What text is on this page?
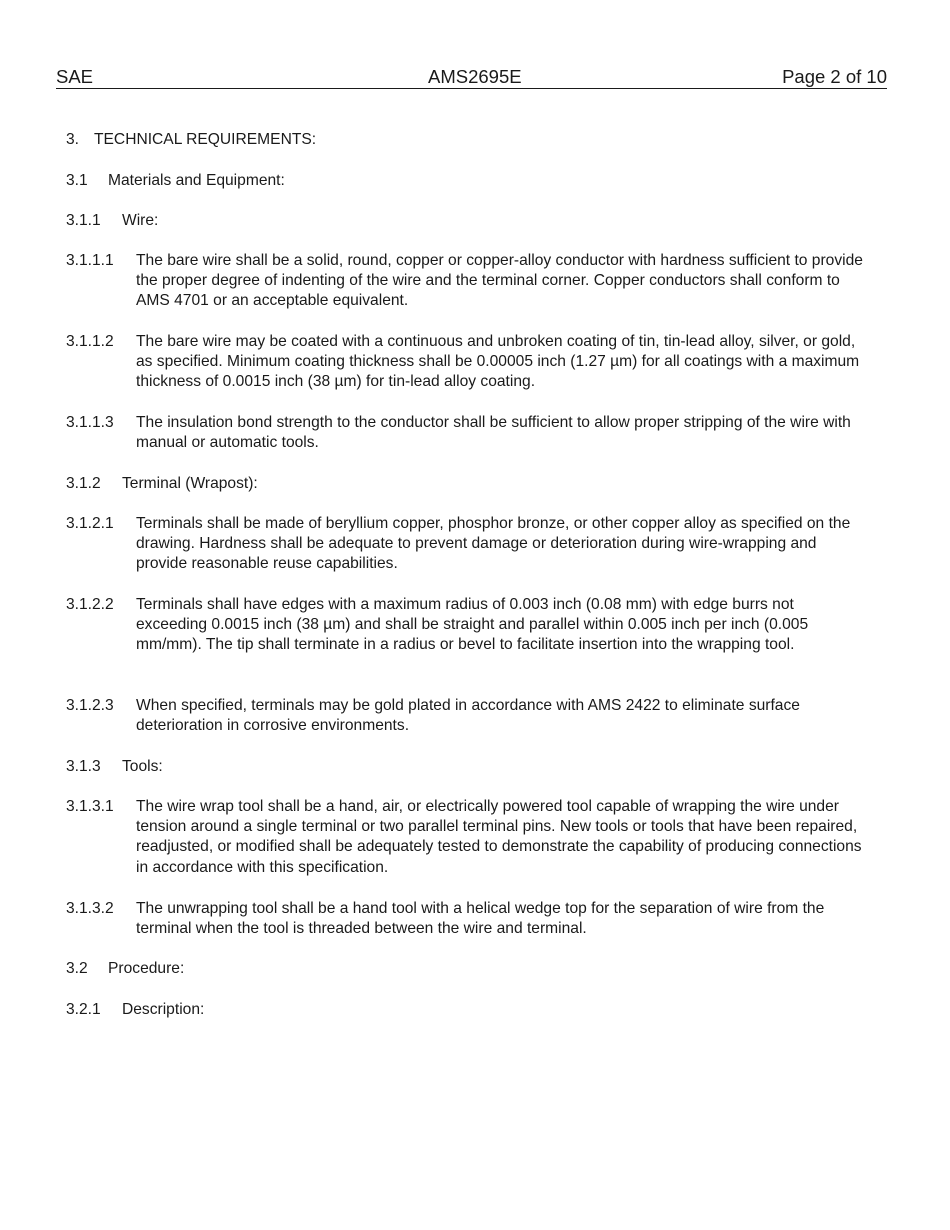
SAE	AMS2695E	Page 2 of 10
3. TECHNICAL REQUIREMENTS:
3.1 Materials and Equipment:
3.1.1 Wire:
3.1.1.1 The bare wire shall be a solid, round, copper or copper-alloy conductor with hardness sufficient to provide the proper degree of indenting of the wire and the terminal corner. Copper conductors shall conform to AMS 4701 or an acceptable equivalent.
3.1.1.2 The bare wire may be coated with a continuous and unbroken coating of tin, tin-lead alloy, silver, or gold, as specified. Minimum coating thickness shall be 0.00005 inch (1.27 µm) for all coatings with a maximum thickness of 0.0015 inch (38 µm) for tin-lead alloy coating.
3.1.1.3 The insulation bond strength to the conductor shall be sufficient to allow proper stripping of the wire with manual or automatic tools.
3.1.2 Terminal (Wrapost):
3.1.2.1 Terminals shall be made of beryllium copper, phosphor bronze, or other copper alloy as specified on the drawing. Hardness shall be adequate to prevent damage or deterioration during wire-wrapping and provide reasonable reuse capabilities.
3.1.2.2 Terminals shall have edges with a maximum radius of 0.003 inch (0.08 mm) with edge burrs not exceeding 0.0015 inch (38 µm) and shall be straight and parallel within 0.005 inch per inch (0.005 mm/mm). The tip shall terminate in a radius or bevel to facilitate insertion into the wrapping tool.
3.1.2.3 When specified, terminals may be gold plated in accordance with AMS 2422 to eliminate surface deterioration in corrosive environments.
3.1.3 Tools:
3.1.3.1 The wire wrap tool shall be a hand, air, or electrically powered tool capable of wrapping the wire under tension around a single terminal or two parallel terminal pins. New tools or tools that have been repaired, readjusted, or modified shall be adequately tested to demonstrate the capability of producing connections in accordance with this specification.
3.1.3.2 The unwrapping tool shall be a hand tool with a helical wedge top for the separation of wire from the terminal when the tool is threaded between the wire and terminal.
3.2 Procedure:
3.2.1 Description:
